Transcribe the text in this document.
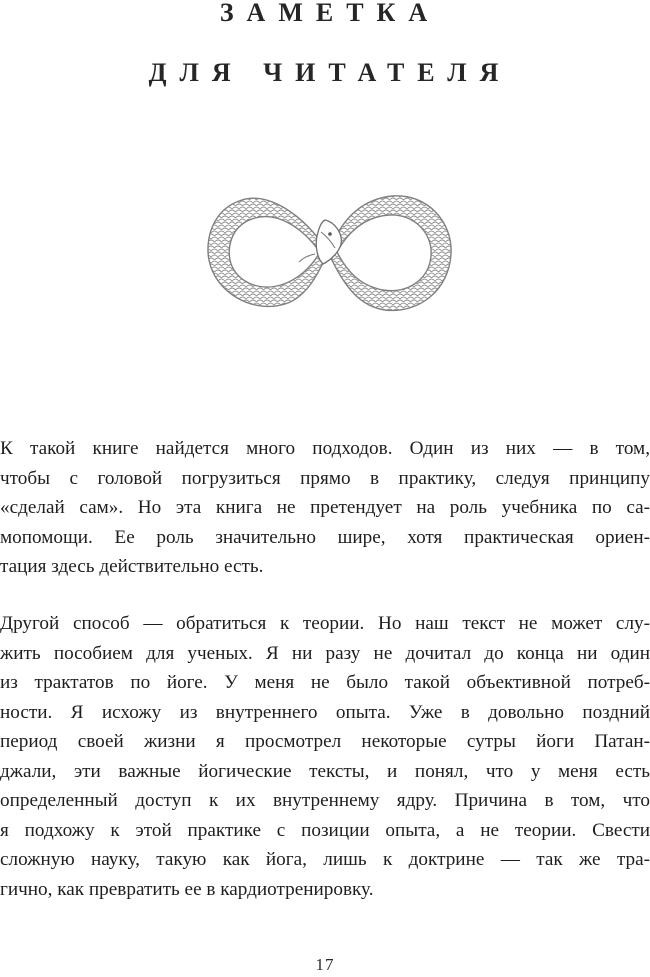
ЗАМЕТКА
ДЛЯ ЧИТАТЕЛЯ
К такой книге найдется много подходов. Один из них — в том,
чтобы с головой погрузиться прямо в практику, следуя принципу
«сделай сам». Но эта книга не претендует на роль учебника по са-
мопомощи. Ее роль значительно шире, хотя практическая ориен-
тация здесь действительно есть.
Другой способ — обратиться к теории. Но наш текст не может слу-
жить пособием для ученых. Я ни разу не дочитал до конца ни один
из трактатов по йоге. У меня не было такой объективной потреб-
ности. Я исхожу из внутреннего опыта. Уже в довольно поздний
период своей жизни я просмотрел некоторые сутры йоги Патан-
джали, эти важные йогические тексты, и понял, что у меня есть
определенный доступ к их внутреннему ядру. Причина в том, что
я подхожу к этой практике с позиции опыта, а не теории. Свести
сложную науку, такую как йога, лишь к доктрине — так же тра-
гично, как превратить ее в кардиотренировку.
17
